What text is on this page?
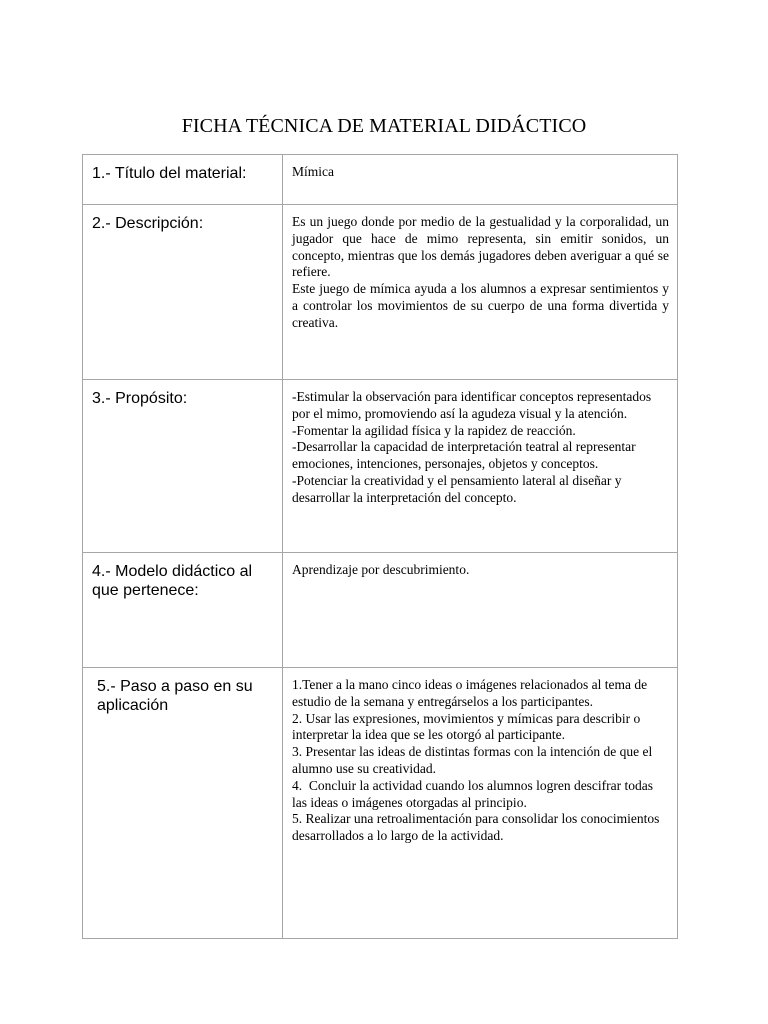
FICHA TÉCNICA DE MATERIAL DIDÁCTICO
1.- Título del material:	Mímica

2.- Descripción:	Es un juego donde por medio de la gestualidad y la corporalidad, un jugador que hace de mimo representa, sin emitir sonidos, un concepto, mientras que los demás jugadores deben averiguar a qué se refiere.

Este juego de mímica ayuda a los alumnos a expresar sentimientos y a controlar los movimientos de su cuerpo de una forma divertida y creativa.

3.- Propósito:	-Estimular la observación para identificar conceptos representados por el mimo, promoviendo así la agudeza visual y la atención.

-Fomentar la agilidad física y la rapidez de reacción.

-Desarrollar la capacidad de interpretación teatral al representar emociones, intenciones, personajes, objetos y conceptos.

-Potenciar la creatividad y el pensamiento lateral al diseñar y desarrollar la interpretación del concepto.

4.- Modelo didáctico al que pertenece:	Aprendizaje por descubrimiento.

5.- Paso a paso en su aplicación	1.Tener a la mano cinco ideas o imágenes relacionados al tema de estudio de la semana y entregárselos a los participantes.

2. Usar las expresiones, movimientos y mímicas para describir o interpretar la idea que se les otorgó al participante.

3. Presentar las ideas de distintas formas con la intención de que el alumno use su creatividad.

4.  Concluir la actividad cuando los alumnos logren descifrar todas las ideas o imágenes otorgadas al principio.

5. Realizar una retroalimentación para consolidar los conocimientos desarrollados a lo largo de la actividad.
